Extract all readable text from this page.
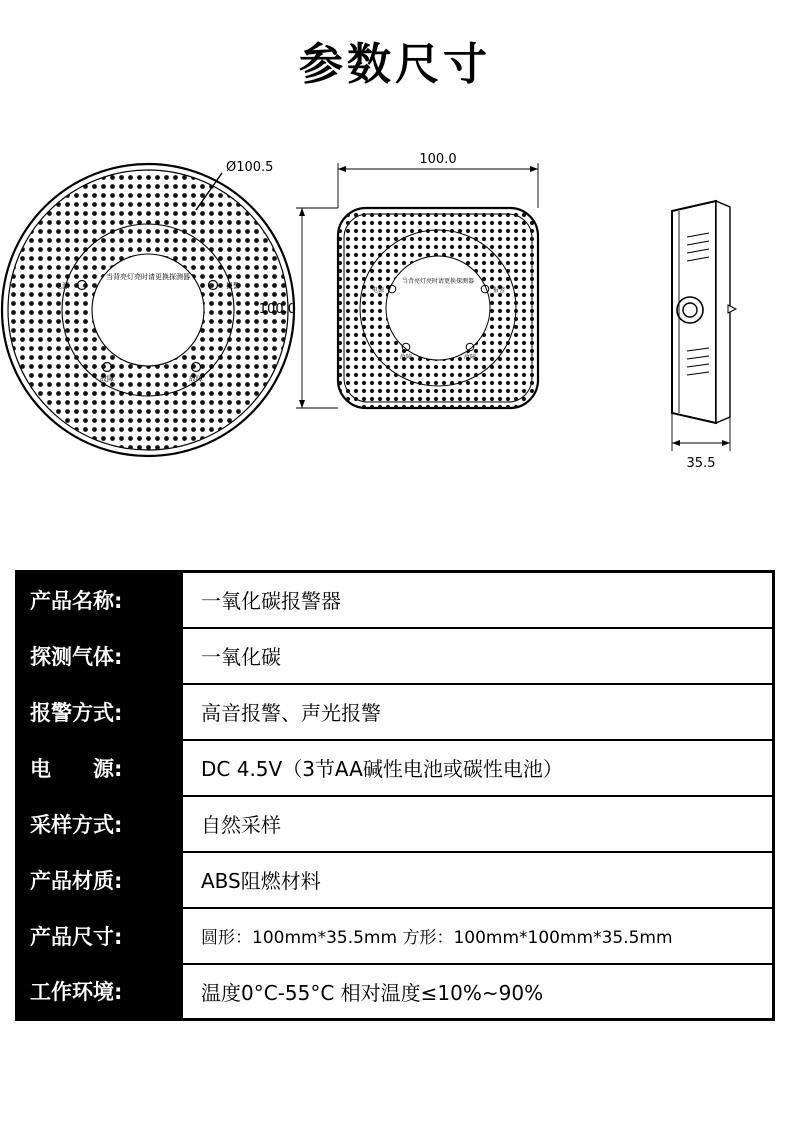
参数尺寸
电源
当背亮灯亮时请更换探测器
报警
故障	故障
Ø100.5
100.0
100.0
电源
当背亮灯亮时请更换探测器
报警
故障	故障
35.5
产品名称:	一氧化碳报警器
探测气体:	一氧化碳
报警方式:	高音报警、声光报警
电　　源:	DC 4.5V（3节AA碱性电池或碳性电池）
采样方式:	自然采样
产品材质:	ABS阻燃材料
产品尺寸:	圆形：100mm*35.5mm 方形：100mm*100mm*35.5mm
工作环境:	温度0°C-55°C 相对温度≤10%~90%
